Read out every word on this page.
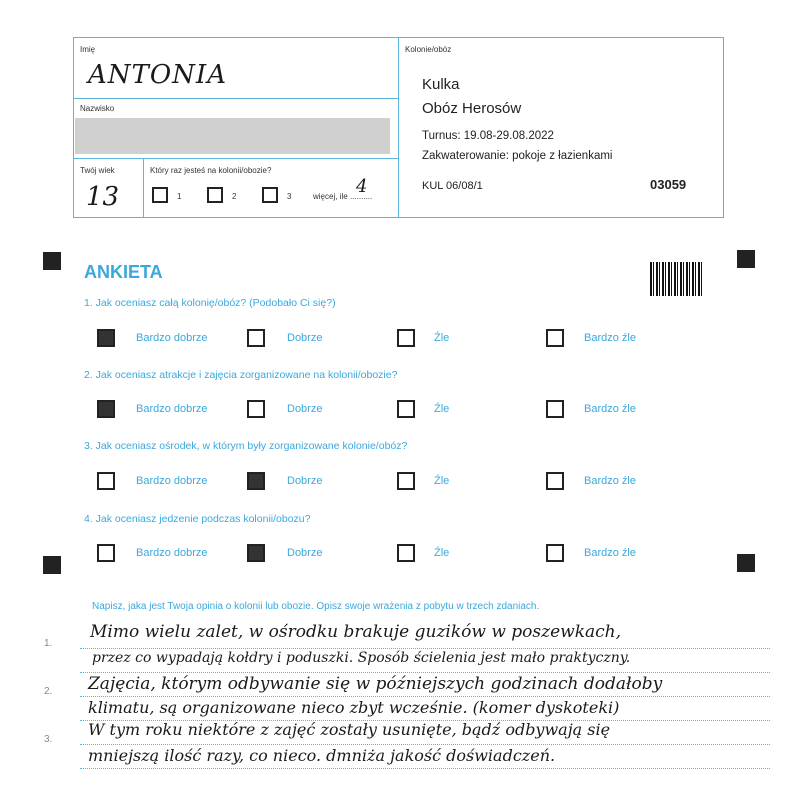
Imię
ANTONIA
Nazwisko
Twój wiek
13
Który raz jesteś na kolonii/obozie?
1	2	3	więcej, ile 4
..........
Kolonie/obóz
Kulka
Obóz Herosów
Turnus: 19.08-29.08.2022
Zakwaterowanie: pokoje z łazienkami
KUL 06/08/1	03059
ANKIETA
1. Jak oceniasz całą kolonię/obóz? (Podobało Ci się?)
2. Jak oceniasz atrakcje i zajęcia zorganizowane na kolonii/obozie?
3. Jak oceniasz ośrodek, w którym były zorganizowane kolonie/obóz?
4. Jak oceniasz jedzenie podczas kolonii/obozu?
Bardzo dobrze	Dobrze	Źle	Bardzo źle
Bardzo dobrze	Dobrze	Źle	Bardzo źle
Bardzo dobrze	Dobrze	Źle	Bardzo źle
Bardzo dobrze	Dobrze	Źle	Bardzo źle
Napisz, jaka jest Twoja opinia o kolonii lub obozie. Opisz swoje wrażenia z pobytu w trzech zdaniach.
1.
2.
3.
Mimo wielu zalet, w ośrodku brakuje guzików w poszewkach,
przez co wypadają kołdry i poduszki. Sposób ścielenia jest mało praktyczny.
Zajęcia, którym odbywanie się w późniejszych godzinach dodałoby
klimatu, są organizowane nieco zbyt wcześnie. (komer dyskoteki)
W tym roku niektóre z zajęć zostały usunięte, bądź odbywają się
mniejszą ilość razy, co nieco. dmniża jakość doświadczeń.
